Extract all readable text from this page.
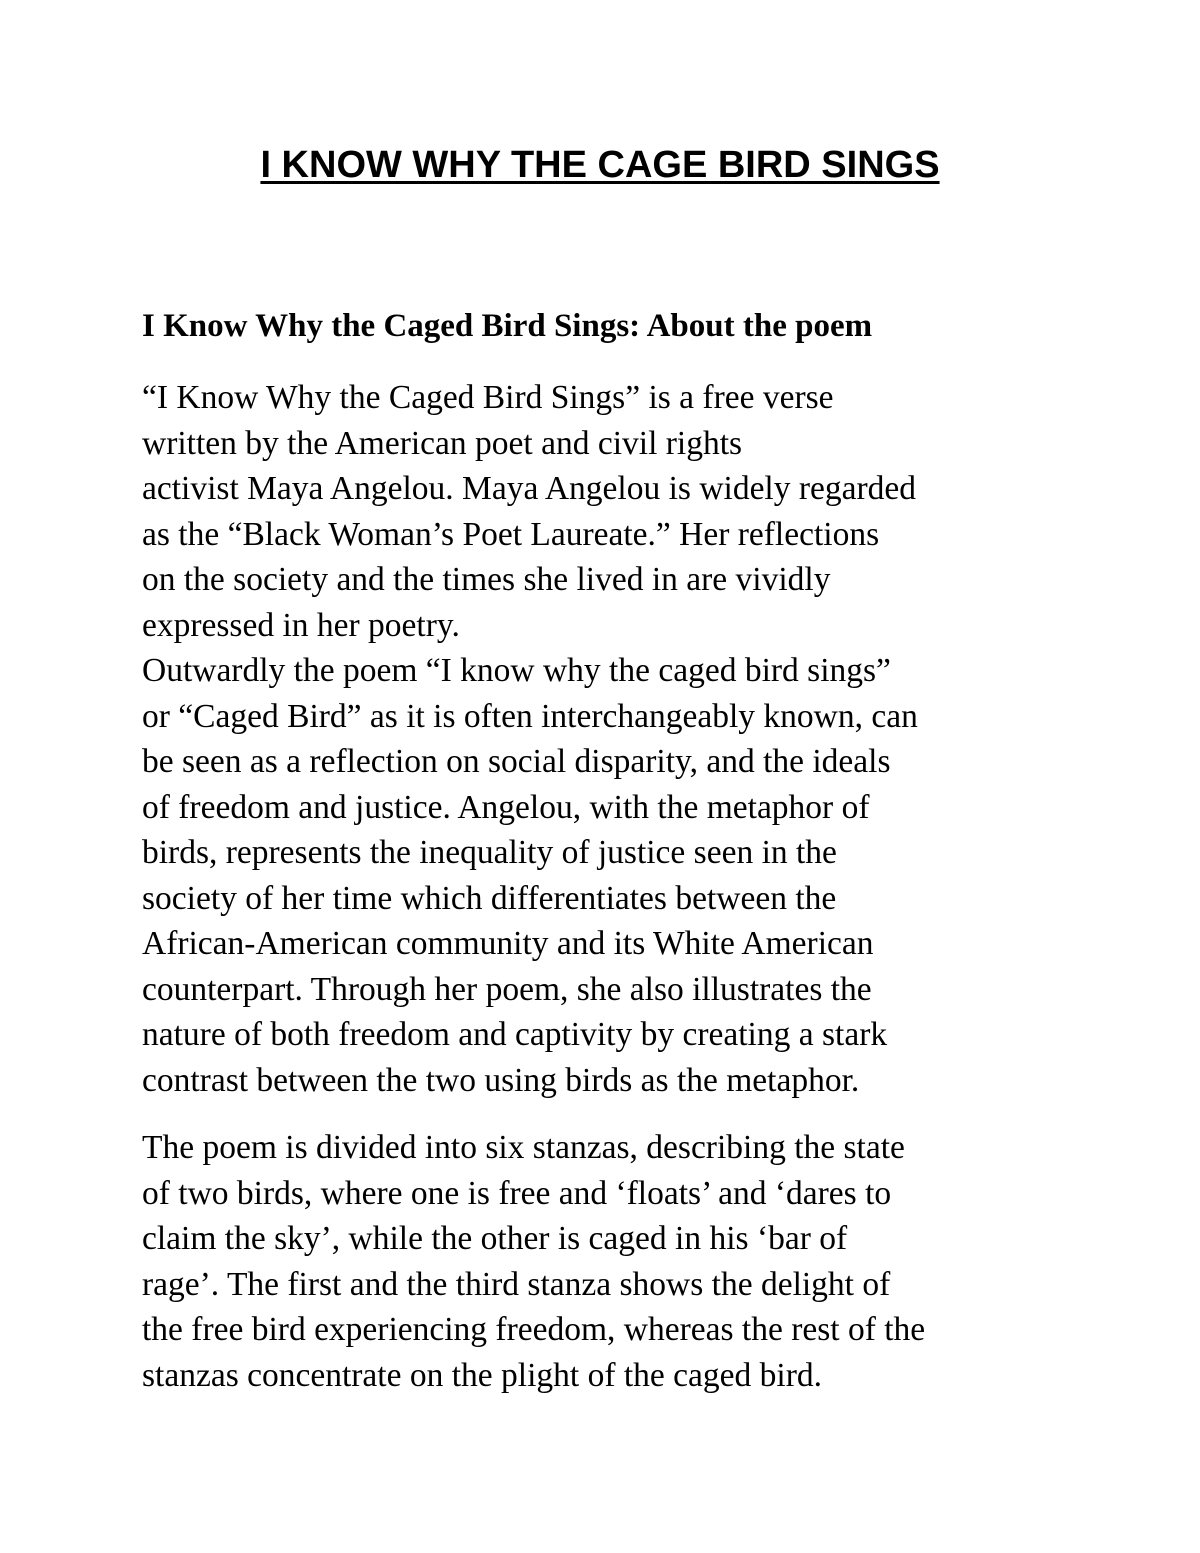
I KNOW WHY THE CAGE BIRD SINGS
I Know Why the Caged Bird Sings: About the poem

“I Know Why the Caged Bird Sings” is a free verse
written by the American poet and civil rights
activist Maya Angelou. Maya Angelou is widely regarded
as the “Black Woman’s Poet Laureate.” Her reflections
on the society and the times she lived in are vividly
expressed in her poetry.
Outwardly the poem “I know why the caged bird sings”
or “Caged Bird” as it is often interchangeably known, can
be seen as a reflection on social disparity, and the ideals
of freedom and justice. Angelou, with the metaphor of
birds, represents the inequality of justice seen in the
society of her time which differentiates between the
African-American community and its White American
counterpart. Through her poem, she also illustrates the
nature of both freedom and captivity by creating a stark
contrast between the two using birds as the metaphor.

The poem is divided into six stanzas, describing the state
of two birds, where one is free and ‘floats’ and ‘dares to
claim the sky’, while the other is caged in his ‘bar of
rage’. The first and the third stanza shows the delight of
the free bird experiencing freedom, whereas the rest of the
stanzas concentrate on the plight of the caged bird.
